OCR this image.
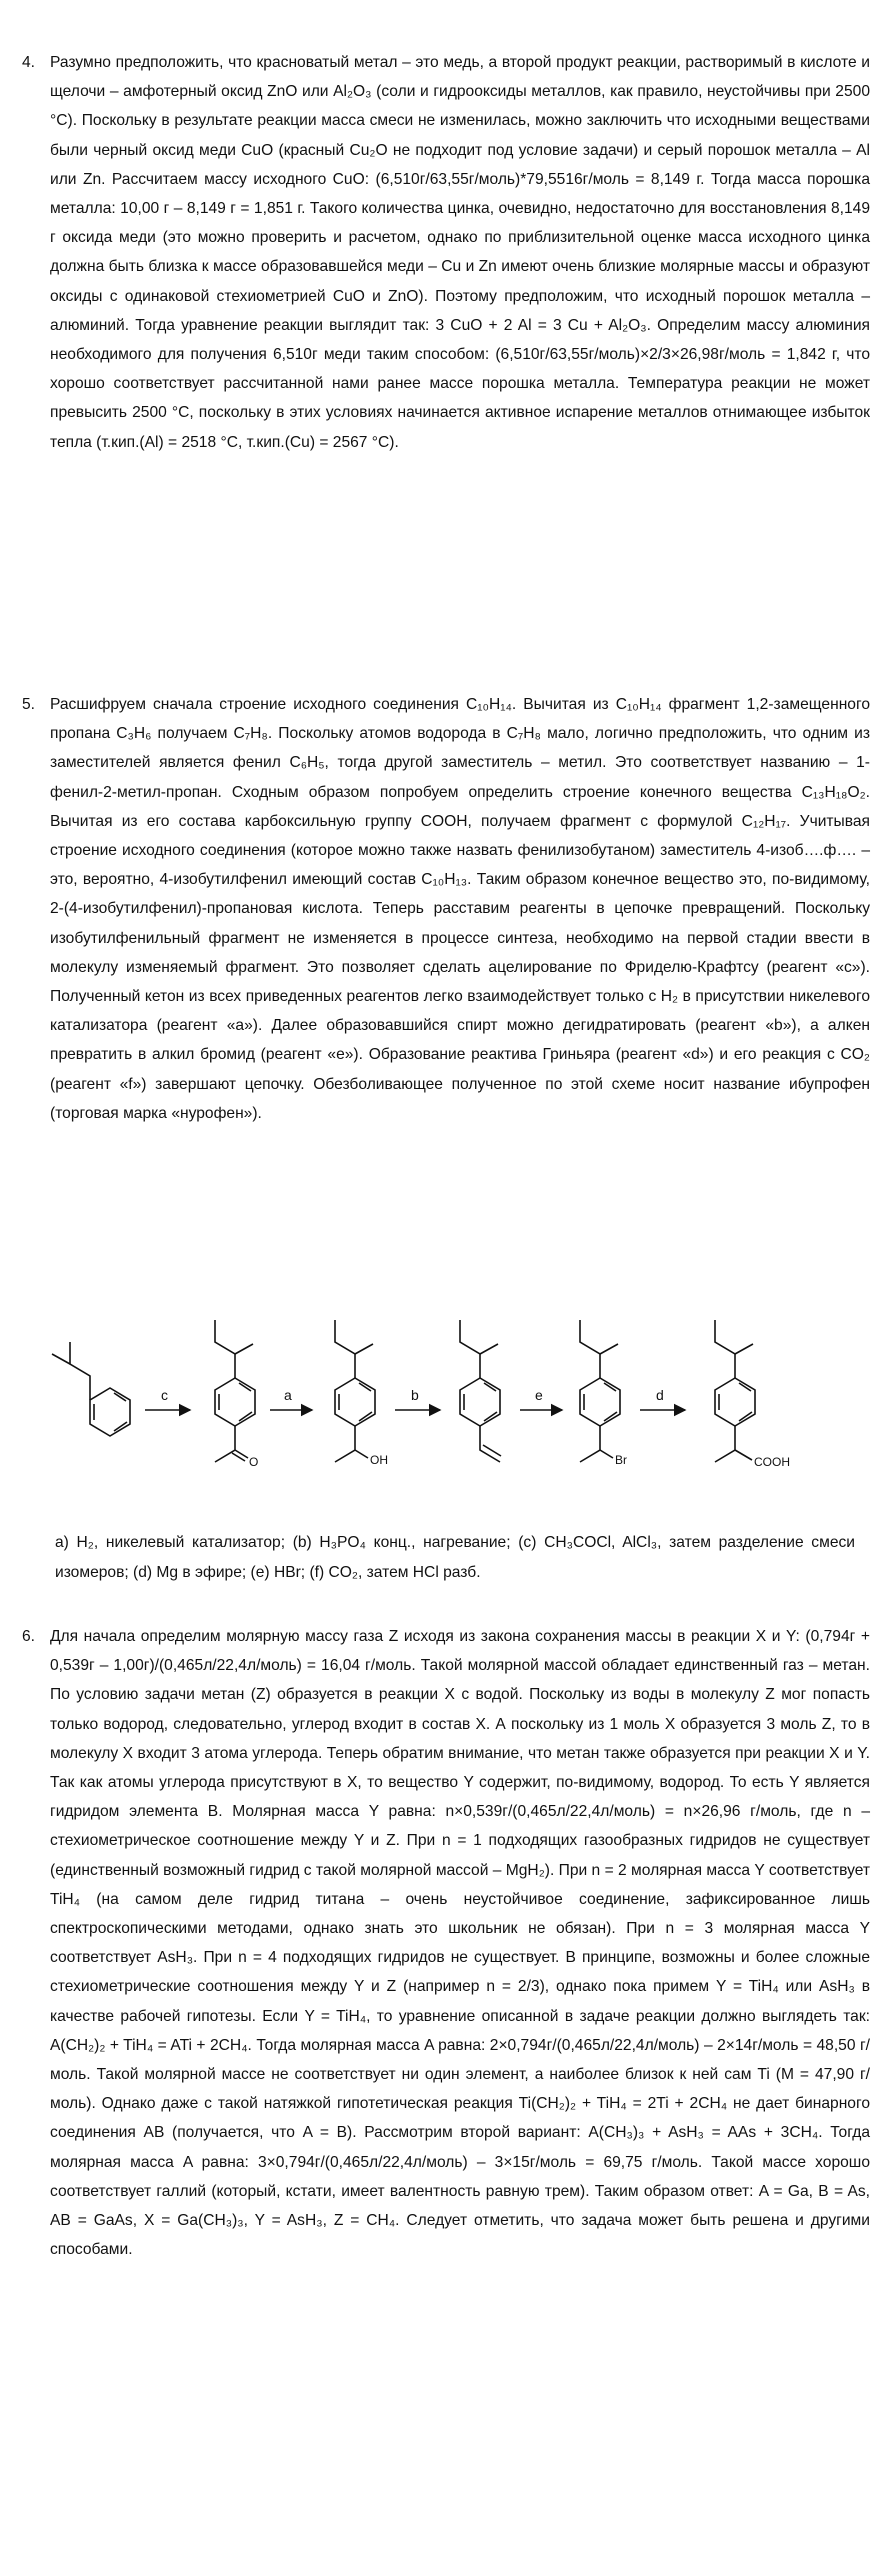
4. Разумно предположить, что красноватый метал – это медь, а второй продукт реакции, растворимый в кислоте и щелочи – амфотерный оксид ZnO или Al₂O₃ (соли и гидрооксиды металлов, как правило, неустойчивы при 2500 °С). Поскольку в результате реакции масса смеси не изменилась, можно заключить что исходными веществами были черный оксид меди CuO (красный Cu₂O не подходит под условие задачи) и серый порошок металла – Al или Zn. Рассчитаем массу исходного CuO: (6,510г/63,55г/моль)*79,5516г/моль = 8,149 г. Тогда масса порошка металла: 10,00 г – 8,149 г = 1,851 г. Такого количества цинка, очевидно, недостаточно для восстановления 8,149 г оксида меди (это можно проверить и расчетом, однако по приблизительной оценке масса исходного цинка должна быть близка к массе образовавшейся меди – Cu и Zn имеют очень близкие молярные массы и образуют оксиды с одинаковой стехиометрией CuO и ZnO). Поэтому предположим, что исходный порошок металла – алюминий. Тогда уравнение реакции выглядит так: 3 CuO + 2 Al = 3 Cu + Al₂O₃. Определим массу алюминия необходимого для получения 6,510г меди таким способом: (6,510г/63,55г/моль)×2/3×26,98г/моль = 1,842 г, что хорошо соответствует рассчитанной нами ранее массе порошка металла. Температура реакции не может превысить 2500 °С, поскольку в этих условиях начинается активное испарение металлов отнимающее избыток тепла (т.кип.(Al) = 2518 °C, т.кип.(Cu) = 2567 °C).
5. Расшифруем сначала строение исходного соединения C₁₀H₁₄. Вычитая из C₁₀H₁₄ фрагмент 1,2-замещенного пропана C₃H₆ получаем C₇H₈. Поскольку атомов водорода в C₇H₈ мало, логично предположить, что одним из заместителей является фенил C₆H₅, тогда другой заместитель – метил. Это соответствует названию – 1-фенил-2-метил-пропан. Сходным образом попробуем определить строение конечного вещества C₁₃H₁₈O₂. Вычитая из его состава карбоксильную группу COOH, получаем фрагмент с формулой C₁₂H₁₇. Учитывая строение исходного соединения (которое можно также назвать фенилизобутаном) заместитель 4-изоб….ф…. – это, вероятно, 4-изобутилфенил имеющий состав C₁₀H₁₃. Таким образом конечное вещество это, по-видимому, 2-(4-изобутилфенил)-пропановая кислота. Теперь расставим реагенты в цепочке превращений. Поскольку изобутилфенильный фрагмент не изменяется в процессе синтеза, необходимо на первой стадии ввести в молекулу изменяемый фрагмент. Это позволяет сделать ацелирование по Фриделю-Крафтсу (реагент «с»). Полученный кетон из всех приведенных реагентов легко взаимодействует только с H₂ в присутствии никелевого катализатора (реагент «а»). Далее образовавшийся спирт можно дегидратировать (реагент «b»), а алкен превратить в алкил бромид (реагент «е»). Образование реактива Гриньяра (реагент «d») и его реакция с CO₂ (реагент «f») завершают цепочку. Обезболивающее полученное по этой схеме носит название ибупрофен (торговая марка «нурофен»).
c	a	b	e	d
O	OH	Br	COOH
а) H₂, никелевый катализатор; (b) H₃PO₄ конц., нагревание; (c) CH₃COCl, AlCl₃, затем разделение смеси изомеров; (d) Mg в эфире; (е) HBr; (f) CO₂, затем HCl разб.
6. Для начала определим молярную массу газа Z исходя из закона сохранения массы в реакции X и Y: (0,794г + 0,539г – 1,00г)/(0,465л/22,4л/моль) = 16,04 г/моль. Такой молярной массой обладает единственный газ – метан. По условию задачи метан (Z) образуется в реакции X с водой. Поскольку из воды в молекулу Z мог попасть только водород, следовательно, углерод входит в состав X. А поскольку из 1 моль X образуется 3 моль Z, то в молекулу X входит 3 атома углерода. Теперь обратим внимание, что метан также образуется при реакции X и Y. Так как атомы углерода присутствуют в X, то вещество Y содержит, по-видимому, водород. То есть Y является гидридом элемента B. Молярная масса Y равна: n×0,539г/(0,465л/22,4л/моль) = n×26,96 г/моль, где n – стехиометрическое соотношение между Y и Z. При n = 1 подходящих газообразных гидридов не существует (единственный возможный гидрид с такой молярной массой – MgH₂). При n = 2 молярная масса Y соответствует TiH₄ (на самом деле гидрид титана – очень неустойчивое соединение, зафиксированное лишь спектроскопическими методами, однако знать это школьник не обязан). При n = 3 молярная масса Y соответствует AsH₃. При n = 4 подходящих гидридов не существует. В принципе, возможны и более сложные стехиометрические соотношения между Y и Z (например n = 2/3), однако пока примем Y = TiH₄ или AsH₃ в качестве рабочей гипотезы. Если Y = TiH₄, то уравнение описанной в задаче реакции должно выглядеть так: A(CH₂)₂ + TiH₄ = ATi + 2CH₄. Тогда молярная масса A равна: 2×0,794г/(0,465л/22,4л/моль) – 2×14г/моль = 48,50 г/моль. Такой молярной массе не соответствует ни один элемент, а наиболее близок к ней сам Ti (M = 47,90 г/моль). Однако даже с такой натяжкой гипотетическая реакция Ti(CH₂)₂ + TiH₄ = 2Ti + 2CH₄ не дает бинарного соединения AB (получается, что A = B). Рассмотрим второй вариант: A(CH₃)₃ + AsH₃ = AAs + 3CH₄. Тогда молярная масса A равна: 3×0,794г/(0,465л/22,4л/моль) – 3×15г/моль = 69,75 г/моль. Такой массе хорошо соответствует галлий (который, кстати, имеет валентность равную трем). Таким образом ответ: A = Ga, B = As, AB = GaAs, X = Ga(CH₃)₃, Y = AsH₃, Z = CH₄. Следует отметить, что задача может быть решена и другими способами.
